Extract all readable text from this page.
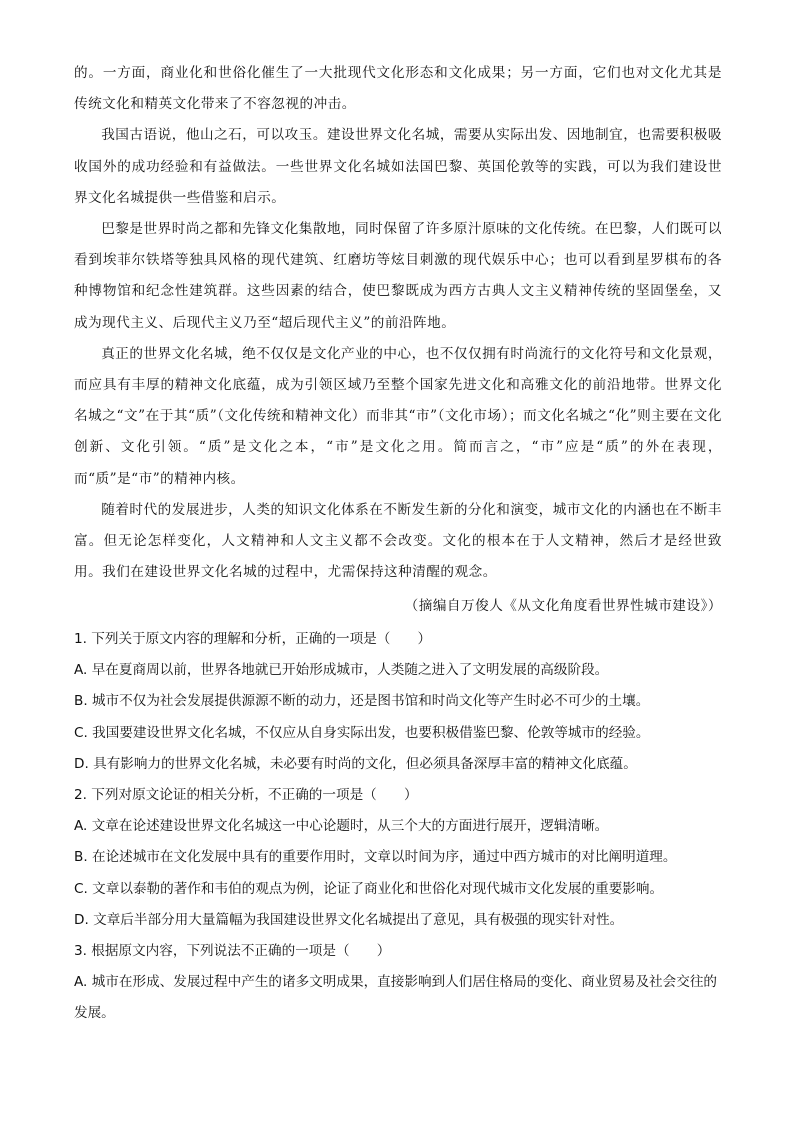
的。一方面，商业化和世俗化催生了一大批现代文化形态和文化成果；另一方面，它们也对文化尤其是传统文化和精英文化带来了不容忽视的冲击。

我国古语说，他山之石，可以攻玉。建设世界文化名城，需要从实际出发、因地制宜，也需要积极吸收国外的成功经验和有益做法。一些世界文化名城如法国巴黎、英国伦敦等的实践，可以为我们建设世界文化名城提供一些借鉴和启示。

巴黎是世界时尚之都和先锋文化集散地，同时保留了许多原汁原味的文化传统。在巴黎，人们既可以看到埃菲尔铁塔等独具风格的现代建筑、红磨坊等炫目刺激的现代娱乐中心；也可以看到星罗棋布的各种博物馆和纪念性建筑群。这些因素的结合，使巴黎既成为西方古典人文主义精神传统的坚固堡垒，又成为现代主义、后现代主义乃至“超后现代主义”的前沿阵地。

真正的世界文化名城，绝不仅仅是文化产业的中心，也不仅仅拥有时尚流行的文化符号和文化景观，而应具有丰厚的精神文化底蕴，成为引领区域乃至整个国家先进文化和高雅文化的前沿地带。世界文化名城之“文”在于其“质”（文化传统和精神文化）而非其“市”（文化市场）；而文化名城之“化”则主要在文化创新、文化引领。“质”是文化之本，“市”是文化之用。简而言之，“市”应是“质”的外在表现，而“质”是“市”的精神内核。

随着时代的发展进步，人类的知识文化体系在不断发生新的分化和演变，城市文化的内涵也在不断丰富。但无论怎样变化，人文精神和人文主义都不会改变。文化的根本在于人文精神，然后才是经世致用。我们在建设世界文化名城的过程中，尤需保持这种清醒的观念。

（摘编自万俊人《从文化角度看世界性城市建设》）

1. 下列关于原文内容的理解和分析，正确的一项是（　　）

A. 早在夏商周以前，世界各地就已开始形成城市，人类随之进入了文明发展的高级阶段。

B. 城市不仅为社会发展提供源源不断的动力，还是图书馆和时尚文化等产生时必不可少的土壤。

C. 我国要建设世界文化名城，不仅应从自身实际出发，也要积极借鉴巴黎、伦敦等城市的经验。

D. 具有影响力的世界文化名城，未必要有时尚的文化，但必须具备深厚丰富的精神文化底蕴。

2. 下列对原文论证的相关分析，不正确的一项是（　　）

A. 文章在论述建设世界文化名城这一中心论题时，从三个大的方面进行展开，逻辑清晰。

B. 在论述城市在文化发展中具有的重要作用时，文章以时间为序，通过中西方城市的对比阐明道理。

C. 文章以泰勒的著作和韦伯的观点为例，论证了商业化和世俗化对现代城市文化发展的重要影响。

D. 文章后半部分用大量篇幅为我国建设世界文化名城提出了意见，具有极强的现实针对性。

3. 根据原文内容，下列说法不正确的一项是（　　）

A. 城市在形成、发展过程中产生的诸多文明成果，直接影响到人们居住格局的变化、商业贸易及社会交往的发展。
